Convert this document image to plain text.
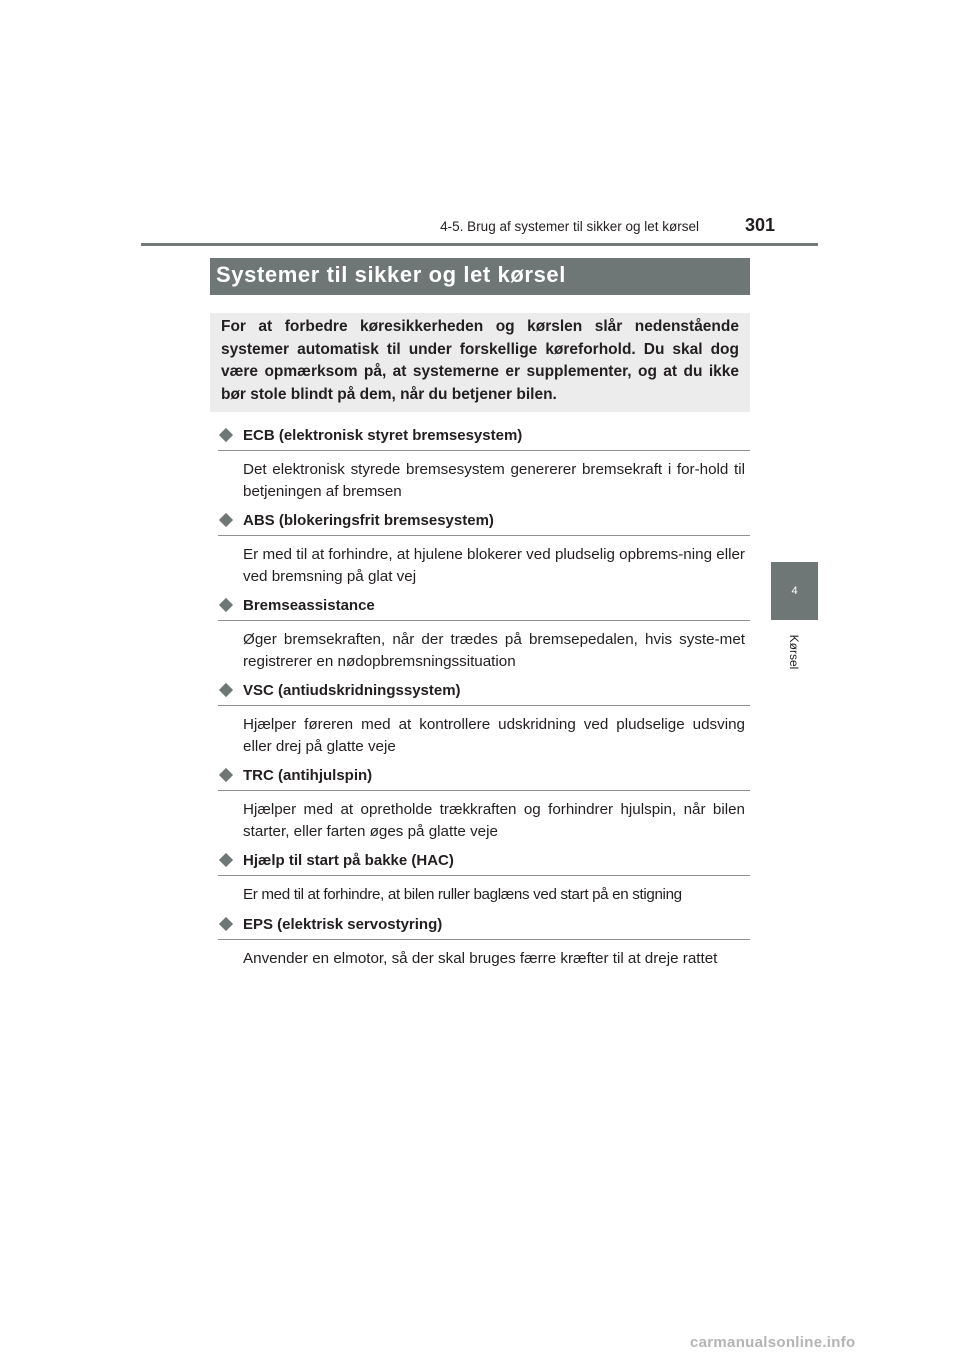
4-5. Brug af systemer til sikker og let kørsel	301
Systemer til sikker og let kørsel

For at forbedre køresikkerheden og kørslen slår nedenstående systemer automatisk til under forskellige køreforhold. Du skal dog være opmærksom på, at systemerne er supplementer, og at du ikke bør stole blindt på dem, når du betjener bilen.

ECB (elektronisk styret bremsesystem)

Det elektronisk styrede bremsesystem genererer bremsekraft i for-hold til betjeningen af bremsen

ABS (blokeringsfrit bremsesystem)

Er med til at forhindre, at hjulene blokerer ved pludselig opbrems-ning eller ved bremsning på glat vej

Bremseassistance

Øger bremsekraften, når der trædes på bremsepedalen, hvis syste-met registrerer en nødopbremsningssituation

VSC (antiudskridningssystem)

Hjælper føreren med at kontrollere udskridning ved pludselige udsving eller drej på glatte veje

TRC (antihjulspin)

Hjælper med at opretholde trækkraften og forhindrer hjulspin, når bilen starter, eller farten øges på glatte veje

Hjælp til start på bakke (HAC)

Er med til at forhindre, at bilen ruller baglæns ved start på en stigning

EPS (elektrisk servostyring)

Anvender en elmotor, så der skal bruges færre kræfter til at dreje rattet

4
Kørsel
carmanualsonline.info
